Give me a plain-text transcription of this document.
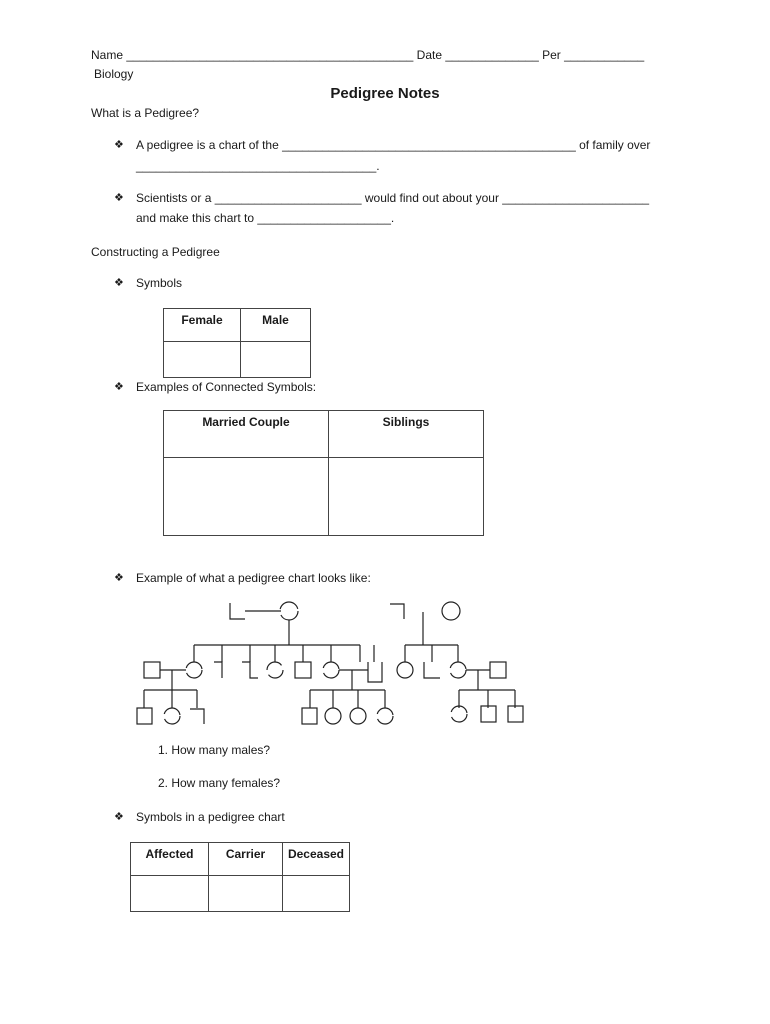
Name ___________________________________________ Date ______________ Per ____________
Biology
Pedigree Notes
What is a Pedigree?
❖ A pedigree is a chart of the ____________________________________________ of family over
____________________________________.
❖ Scientists or a ______________________ would find out about your ______________________
and make this chart to ____________________.
Constructing a Pedigree
❖ Symbols
Female	Male

❖ Examples of Connected Symbols:
Married Couple	Siblings

❖ Example of what a pedigree chart looks like:
1. How many males?
2. How many females?
❖ Symbols in a pedigree chart
Affected	Carrier	Deceased
